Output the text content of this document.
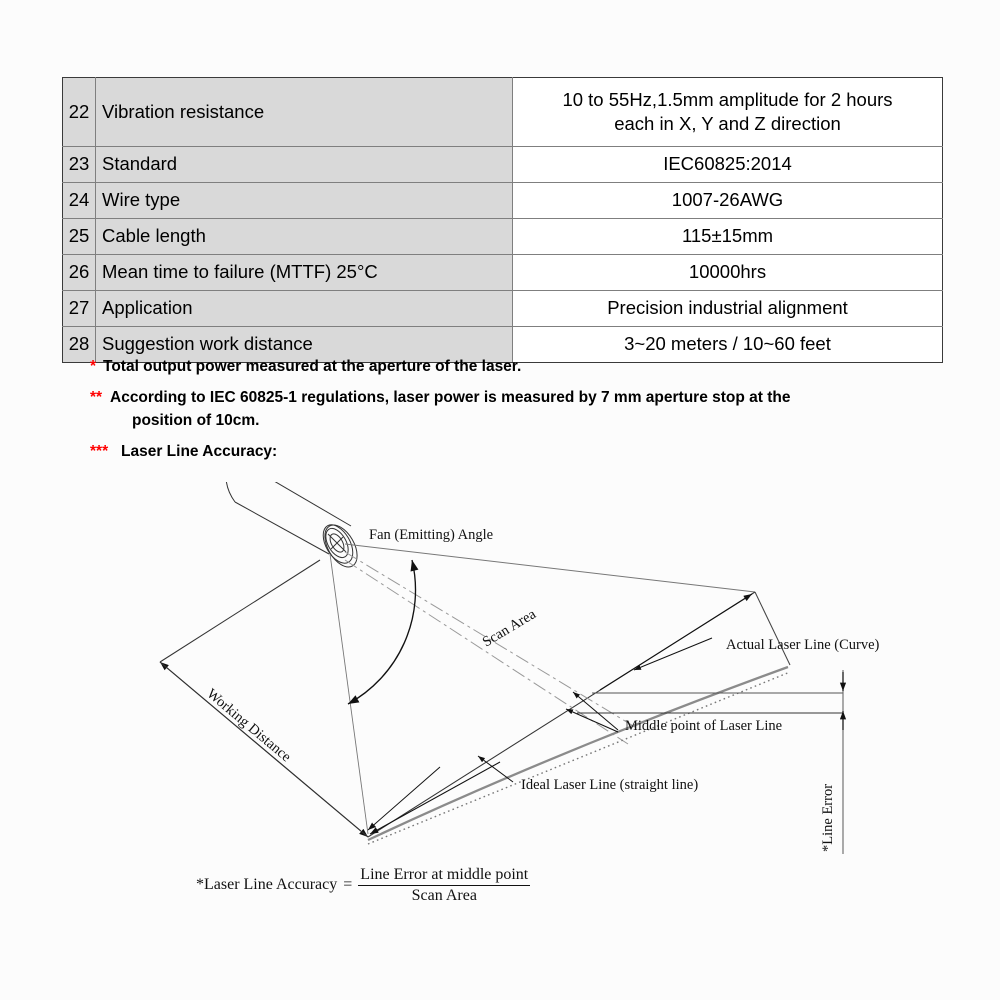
22	Vibration resistance	10 to 55Hz,1.5mm amplitude for 2 hours
each in X, Y and Z direction

23	Standard	IEC60825:2014
24	Wire type	1007-26AWG
25	Cable length	115±15mm
26	Mean time to failure (MTTF) 25°C	10000hrs
27	Application	Precision industrial alignment
28	Suggestion work distance	3~20 meters / 10~60 feet
* Total output power measured at the aperture of the laser.
** According to IEC 60825-1 regulations, laser power is measured by 7 mm aperture stop at the
position of 10cm.
*** Laser Line Accuracy:
Fan (Emitting) Angle
Scan Area
Working Distance
Actual Laser Line (Curve)
Middle point of Laser Line
Ideal Laser Line (straight line)	*Line Error
*Laser Line Accuracy = $\frac{\text{Line Error at middle point}}{\text{Scan Area}}$
